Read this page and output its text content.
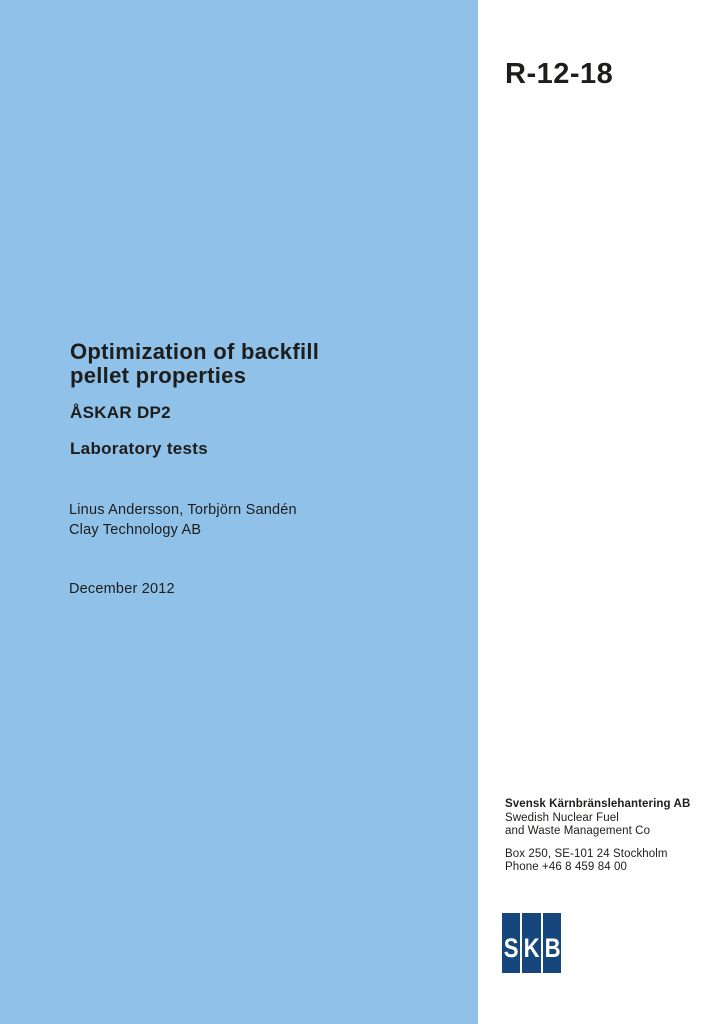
R-12-18
Optimization of backfill
pellet properties
ÅSKAR DP2
Laboratory tests
Linus Andersson, Torbjörn Sandén
Clay Technology AB
December 2012
Svensk Kärnbränslehantering AB
Swedish Nuclear Fuel
and Waste Management Co
Box 250, SE-101 24 Stockholm
Phone +46 8 459 84 00
S K B
